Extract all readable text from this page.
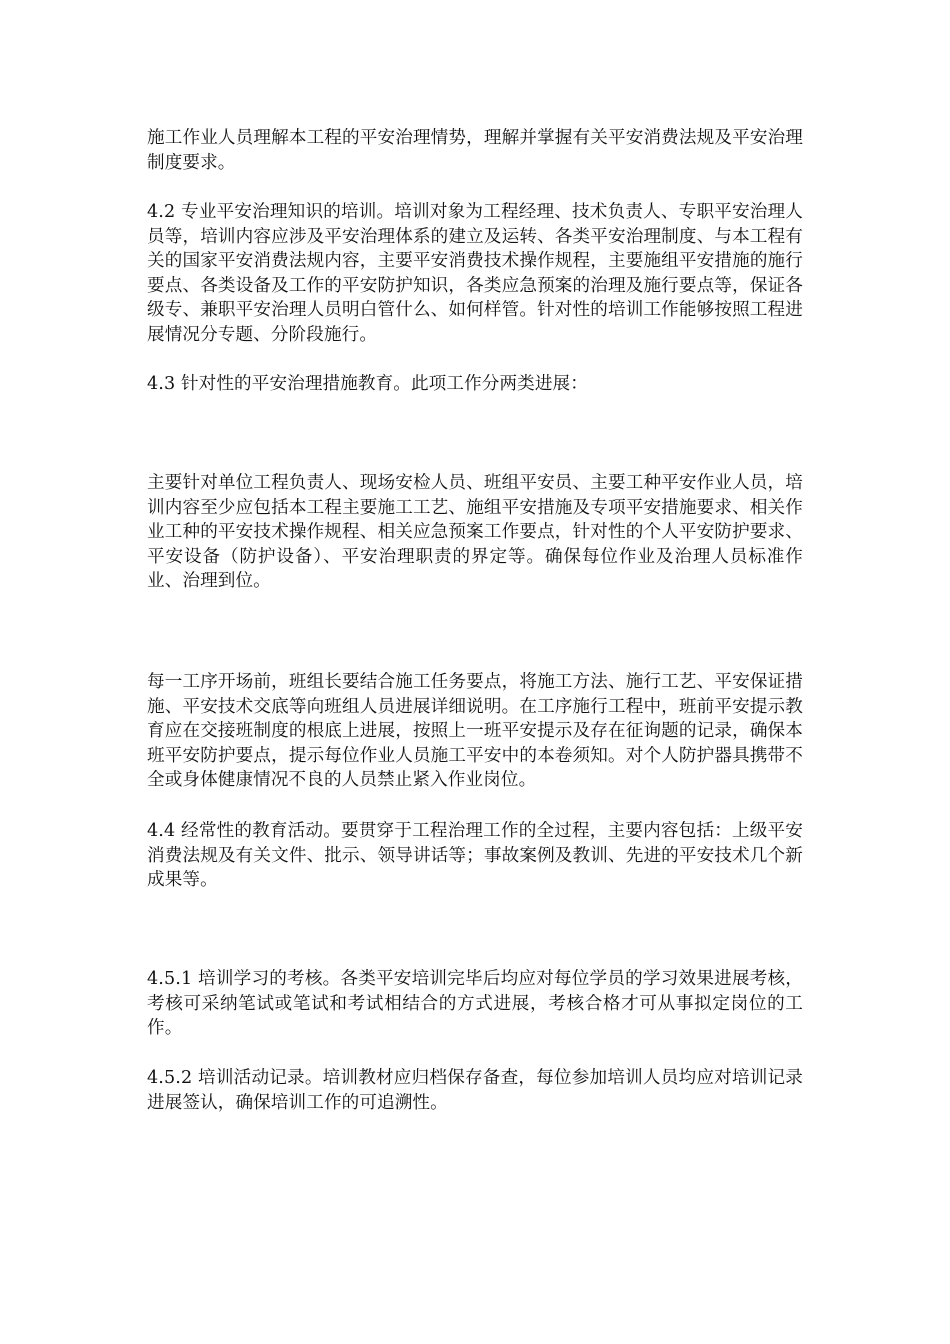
施工作业人员理解本工程的平安治理情势，理解并掌握有关平安消费法规及平安治理制度要求。

4.2 专业平安治理知识的培训。培训对象为工程经理、技术负责人、专职平安治理人员等，培训内容应涉及平安治理体系的建立及运转、各类平安治理制度、与本工程有关的国家平安消费法规内容，主要平安消费技术操作规程，主要施组平安措施的施行要点、各类设备及工作的平安防护知识，各类应急预案的治理及施行要点等，保证各级专、兼职平安治理人员明白管什么、如何样管。针对性的培训工作能够按照工程进展情况分专题、分阶段施行。

4.3 针对性的平安治理措施教育。此项工作分两类进展：

主要针对单位工程负责人、现场安检人员、班组平安员、主要工种平安作业人员，培训内容至少应包括本工程主要施工工艺、施组平安措施及专项平安措施要求、相关作业工种的平安技术操作规程、相关应急预案工作要点，针对性的个人平安防护要求、平安设备（防护设备）、平安治理职责的界定等。确保每位作业及治理人员标准作业、治理到位。

每一工序开场前，班组长要结合施工任务要点，将施工方法、施行工艺、平安保证措施、平安技术交底等向班组人员进展详细说明。在工序施行工程中，班前平安提示教育应在交接班制度的根底上进展，按照上一班平安提示及存在征询题的记录，确保本班平安防护要点，提示每位作业人员施工平安中的本卷须知。对个人防护器具携带不全或身体健康情况不良的人员禁止紧入作业岗位。

4.4 经常性的教育活动。要贯穿于工程治理工作的全过程，主要内容包括：上级平安消费法规及有关文件、批示、领导讲话等；事故案例及教训、先进的平安技术几个新成果等。

4.5.1 培训学习的考核。各类平安培训完毕后均应对每位学员的学习效果进展考核，考核可采纳笔试或笔试和考试相结合的方式进展，考核合格才可从事拟定岗位的工作。

4.5.2 培训活动记录。培训教材应归档保存备查，每位参加培训人员均应对培训记录进展签认，确保培训工作的可追溯性。
